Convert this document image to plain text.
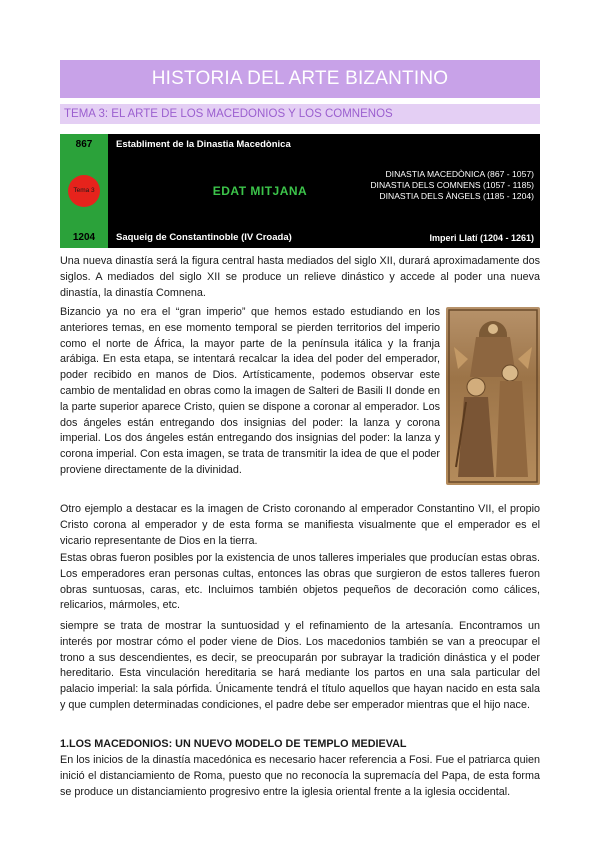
HISTORIA DEL ARTE BIZANTINO
TEMA 3: EL ARTE DE LOS MACEDONIOS Y LOS COMNENOS
867
Tema 3
1204
Establiment de la Dinastia Macedònica
EDAT MITJANA
DINASTIA MACEDÒNICA (867 - 1057)
DINASTIA DELS COMNENS (1057 - 1185)
DINASTIA DELS ÀNGELS (1185 - 1204)
Saqueig de Constantinoble (IV Croada)	Imperi Llatí (1204 - 1261)
Una nueva dinastía será la figura central hasta mediados del siglo XII, durará aproximadamente dos siglos. A mediados del siglo XII se produce un relieve dinástico y accede al poder una nueva dinastía, la dinastía Comnena.
Bizancio ya no era el “gran imperio” que hemos estado estudiando en los anteriores temas, en ese momento temporal se pierden territorios del imperio como el norte de África, la mayor parte de la península itálica y la franja arábiga. En esta etapa, se intentará recalcar la idea del poder del emperador, poder recibido en manos de Dios. Artísticamente, podemos observar este cambio de mentalidad en obras como la imagen de Salteri de Basili II donde en la parte superior aparece Cristo, quien se dispone a coronar al emperador. Los dos ángeles están entregando dos insignias del poder: la lanza y corona imperial. Los dos ángeles están entregando dos insignias del poder: la lanza y corona imperial. Con esta imagen, se trata de transmitir la idea de que el poder proviene directamente de la divinidad.
Otro ejemplo a destacar es la imagen de Cristo coronando al emperador Constantino VII, el propio Cristo corona al emperador y de esta forma se manifiesta visualmente que el emperador es el vicario representante de Dios en la tierra.
Estas obras fueron posibles por la existencia de unos talleres imperiales que producían estas obras. Los emperadores eran personas cultas, entonces las obras que surgieron de estos talleres fueron obras suntuosas, caras, etc. Incluimos también objetos pequeños de decoración como cálices, relicarios, mármoles, etc.
siempre se trata de mostrar la suntuosidad y el refinamiento de la artesanía. Encontramos un interés por mostrar cómo el poder viene de Dios. Los macedonios también se van a preocupar el trono a sus descendientes, es decir, se preocuparán por subrayar la tradición dinástica y el poder hereditario. Esta vinculación hereditaria se hará mediante los partos en una sala particular del palacio imperial: la sala pórfida. Únicamente tendrá el título aquellos que hayan nacido en esta sala y que cumplen determinadas condiciones, el padre debe ser emperador mientras que el hijo nace.
1.LOS MACEDONIOS: UN NUEVO MODELO DE TEMPLO MEDIEVAL
En los inicios de la dinastía macedónica es necesario hacer referencia a Fosi. Fue el patriarca quien inició el distanciamiento de Roma, puesto que no reconocía la supremacía del Papa, de esta forma se produce un distanciamiento progresivo entre la iglesia oriental frente a la iglesia occidental.
